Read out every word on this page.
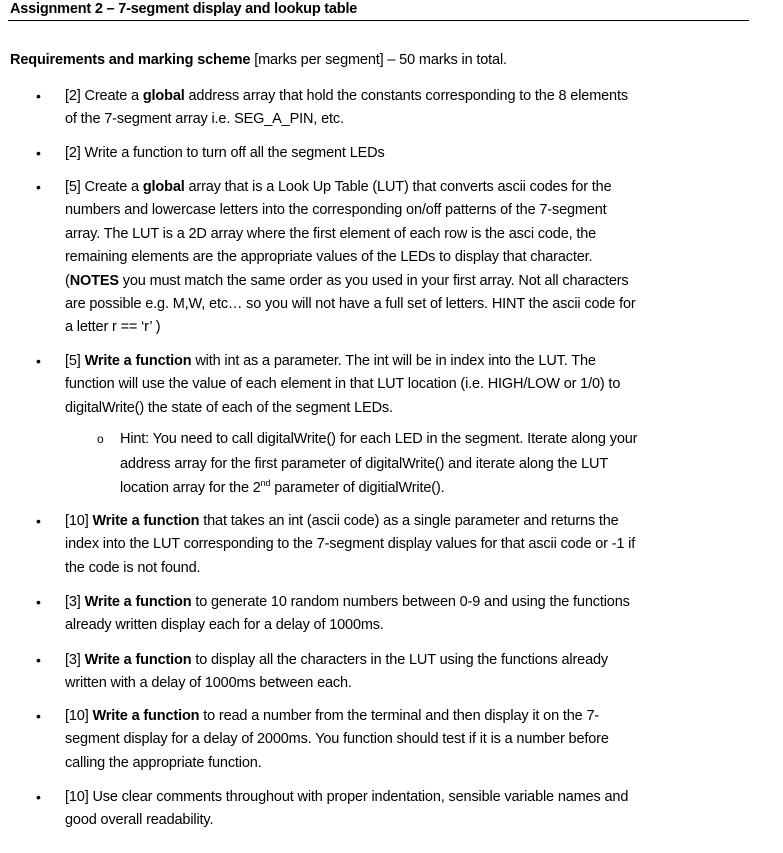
Assignment 2 – 7-segment display and lookup table
Requirements and marking scheme [marks per segment] – 50 marks in total.
• [2] Create a global address array that hold the constants corresponding to the 8 elements
of the 7-segment array i.e. SEG_A_PIN, etc.
• [2] Write a function to turn off all the segment LEDs
• [5] Create a global array that is a Look Up Table (LUT) that converts ascii codes for the
numbers and lowercase letters into the corresponding on/off patterns of the 7-segment
array. The LUT is a 2D array where the first element of each row is the asci code, the
remaining elements are the appropriate values of the LEDs to display that character.
(NOTES you must match the same order as you used in your first array. Not all characters
are possible e.g. M,W, etc… so you will not have a full set of letters. HINT the ascii code for
a letter r == ‘r’ )
• [5] Write a function with int as a parameter. The int will be in index into the LUT. The
function will use the value of each element in that LUT location (i.e. HIGH/LOW or 1/0) to
digitalWrite() the state of each of the segment LEDs.
o Hint: You need to call digitalWrite() for each LED in the segment. Iterate along your
address array for the first parameter of digitalWrite() and iterate along the LUT
location array for the 2nd parameter of digitialWrite().
• [10] Write a function that takes an int (ascii code) as a single parameter and returns the
index into the LUT corresponding to the 7-segment display values for that ascii code or -1 if
the code is not found.
• [3] Write a function to generate 10 random numbers between 0-9 and using the functions
already written display each for a delay of 1000ms.
• [3] Write a function to display all the characters in the LUT using the functions already
written with a delay of 1000ms between each.
• [10] Write a function to read a number from the terminal and then display it on the 7-
segment display for a delay of 2000ms. You function should test if it is a number before
calling the appropriate function.
• [10] Use clear comments throughout with proper indentation, sensible variable names and
good overall readability.
